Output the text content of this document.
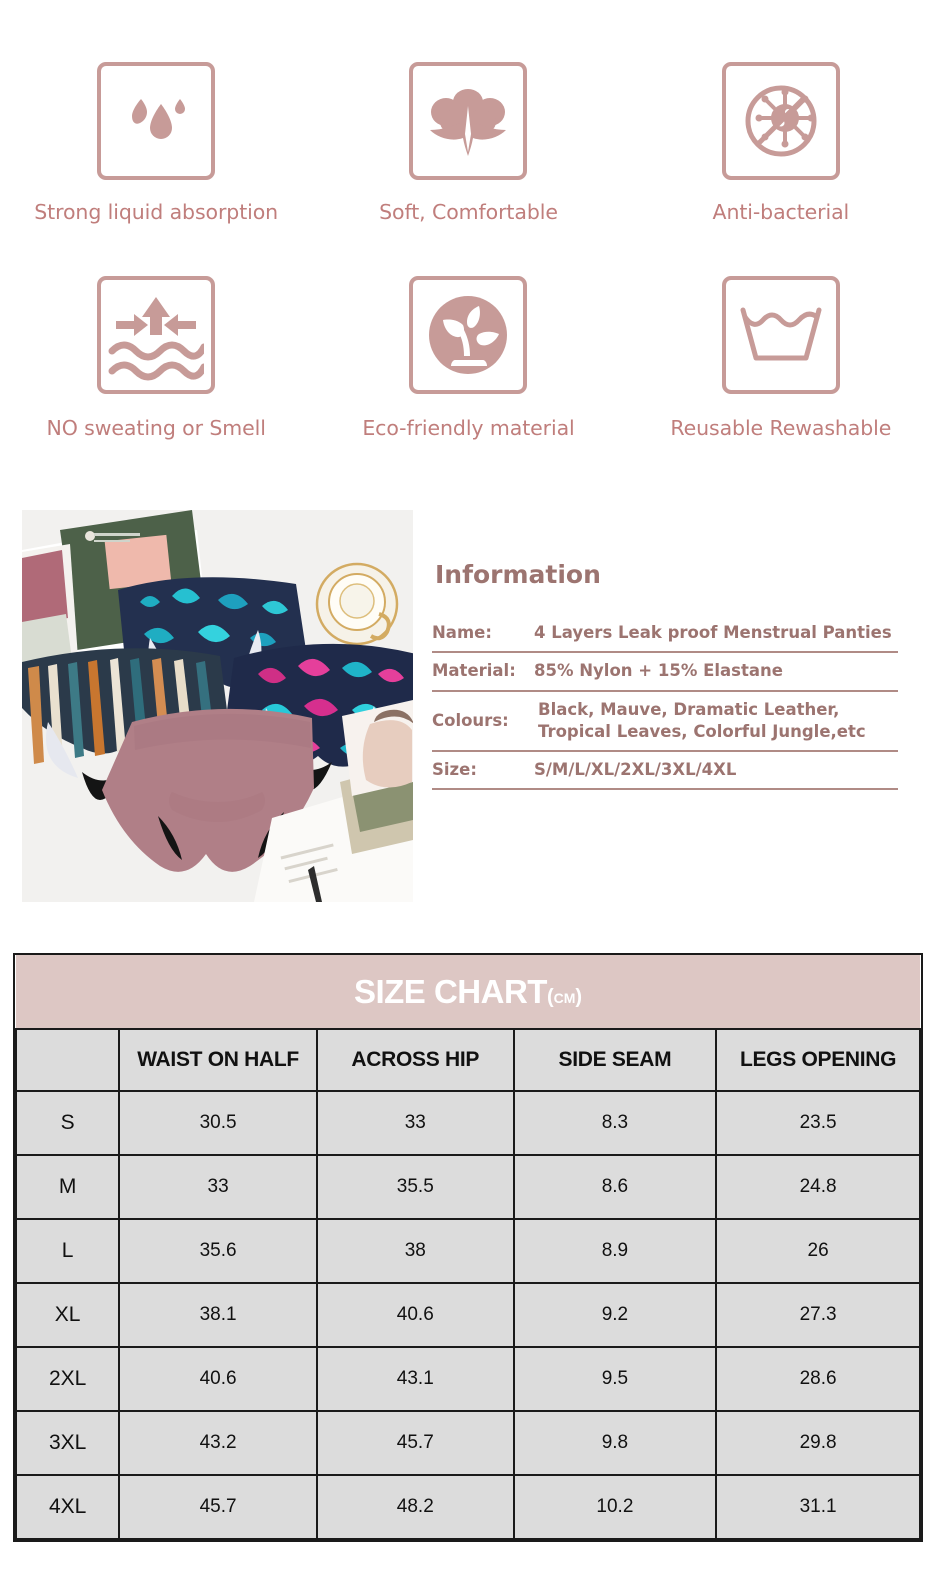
Strong liquid absorption	Soft, Comfortable	Anti-bacterial
NO sweating or Smell	Eco-friendly material	Reusable Rewashable
Information
Name:	4 Layers Leak proof Menstrual Panties
Material:	85% Nylon + 15% Elastane
Colours:
Black, Mauve, Dramatic Leather, Tropical Leaves, Colorful Jungle,etc
Size:	S/M/L/XL/2XL/3XL/4XL
SIZE CHART (cm)				

	WAIST ON HALF	ACROSS HIP	SIDE SEAM	LEGS OPENING
S	30.5	33	8.3	23.5
M	33	35.5	8.6	24.8
L	35.6	38	8.9	26
XL	38.1	40.6	9.2	27.3
2XL	40.6	43.1	9.5	28.6
3XL	43.2	45.7	9.8	29.8
4XL	45.7	48.2	10.2	31.1
